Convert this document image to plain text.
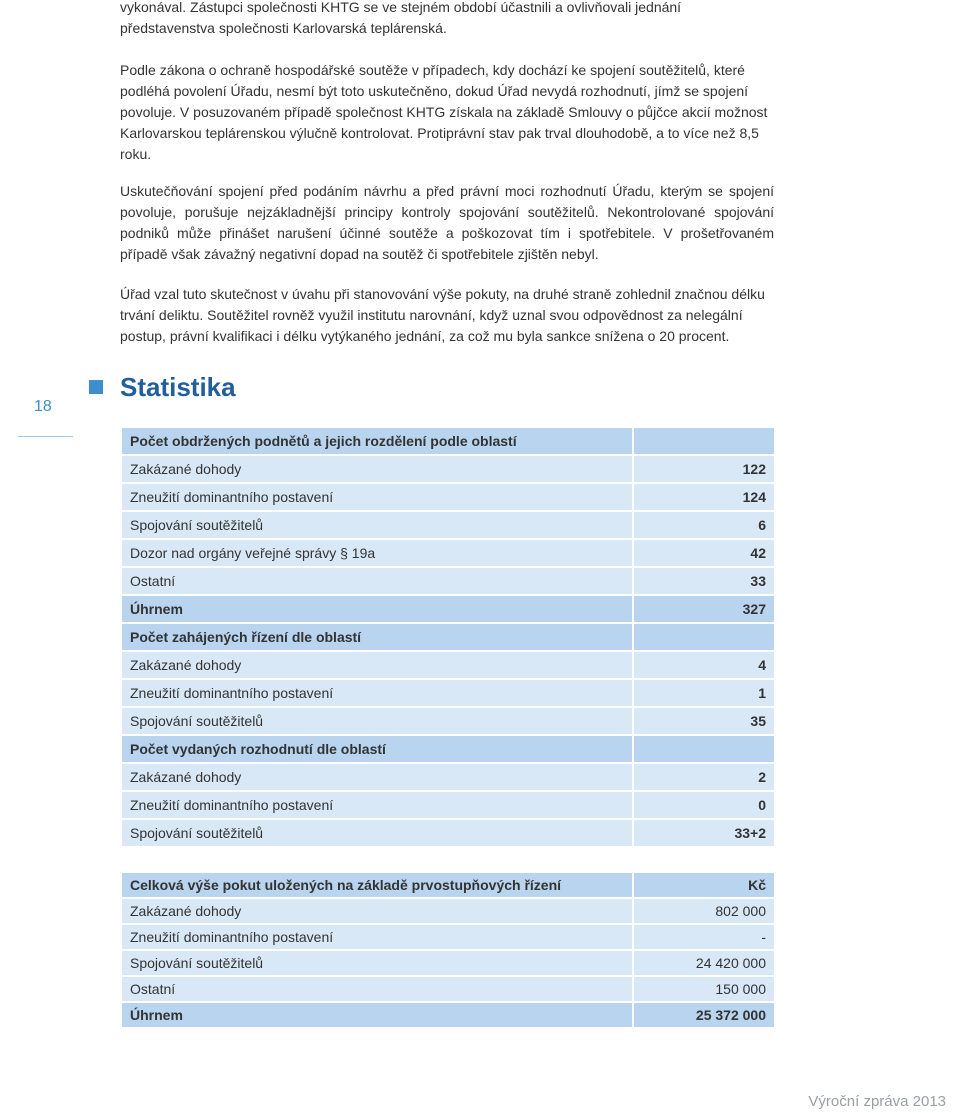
vykonával. Zástupci společnosti KHTG se ve stejném období účastnili a ovlivňovali jednání představenstva společnosti Karlovarská teplárenská.

Podle zákona o ochraně hospodářské soutěže v případech, kdy dochází ke spojení soutěžitelů, které podléhá povolení Úřadu, nesmí být toto uskutečněno, dokud Úřad nevydá rozhodnutí, jímž se spojení povoluje. V posuzovaném případě společnost KHTG získala na základě Smlouvy o půjčce akcií možnost Karlovarskou teplárenskou výlučně kontrolovat. Protiprávní stav pak trval dlouhodobě, a to více než 8,5 roku.

Uskutečňování spojení před podáním návrhu a před právní moci rozhodnutí Úřadu, kterým se spojení povoluje, porušuje nejzákladnější principy kontroly spojování soutěžitelů. Nekontrolované spojování podniků může přinášet narušení účinné soutěže a poškozovat tím i spotřebitele. V prošetřovaném případě však závažný negativní dopad na soutěž či spotřebitele zjištěn nebyl.

Úřad vzal tuto skutečnost v úvahu při stanovování výše pokuty, na druhé straně zohlednil značnou délku trvání deliktu. Soutěžitel rovněž využil institutu narovnání, když uznal svou odpovědnost za nelegální postup, právní kvalifikaci i délku vytýkaného jednání, za což mu byla sankce snížena o 20 procent.

18
Statistika
Počet obdržených podnětů a jejich rozdělení podle oblastí	
Zakázané dohody	122
Zneužití dominantního postavení	124
Spojování soutěžitelů	6
Dozor nad orgány veřejné správy § 19a	42
Ostatní	33
Úhrnem	327
Počet zahájených řízení dle oblastí	
Zakázané dohody	4
Zneužití dominantního postavení	1
Spojování soutěžitelů	35
Počet vydaných rozhodnutí dle oblastí	
Zakázané dohody	2
Zneužití dominantního postavení	0
Spojování soutěžitelů	33+2
Celková výše pokut uložených na základě prvostupňových řízení	Kč
Zakázané dohody	802 000
Zneužití dominantního postavení	-
Spojování soutěžitelů	24 420 000
Ostatní	150 000
Úhrnem	25 372 000
Výroční zpráva 2013
